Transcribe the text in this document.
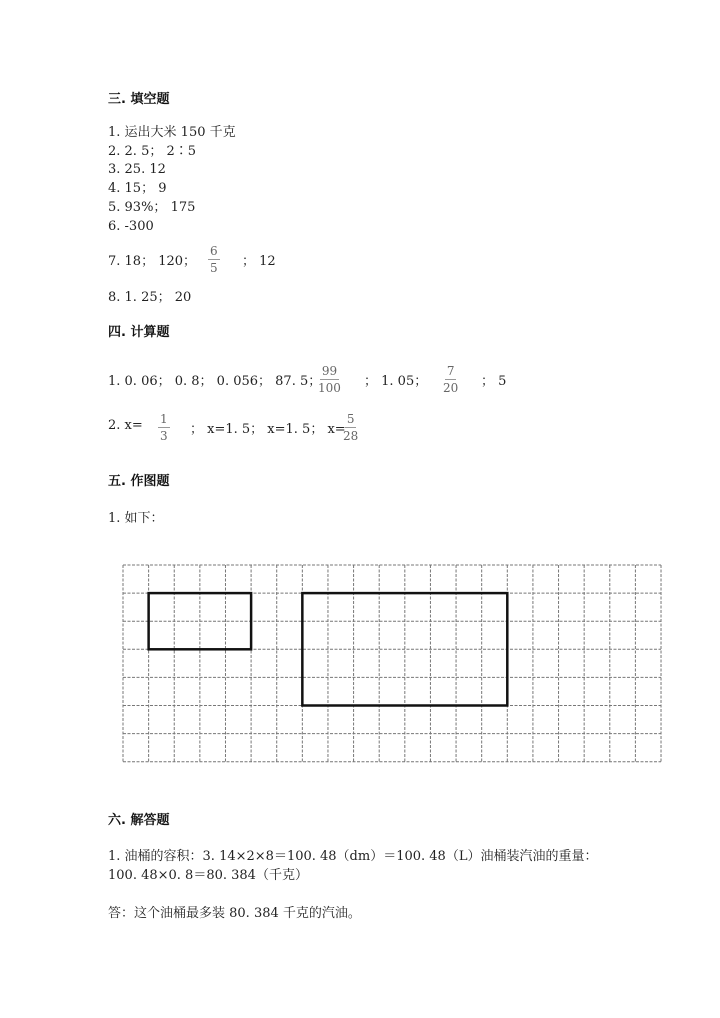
三. 填空题
1. 运出大米 150 千克
2. 2. 5； 2∶5
3. 25. 12
4. 15； 9
5. 93%； 175
6. -300
7. 18； 120； $\frac{6}{5}$ ； 12
8. 1. 25； 20
四. 计算题
1. 0. 06； 0. 8； 0. 056； 87. 5；
$\frac{99}{100}$ ； 1. 05； $\frac{7}{20}$ ； 5
2. $x= \frac{1}{3}$ ； x=1. 5； x=1. 5； x=
$\frac{5}{28}$
五. 作图题
1. 如下：
六. 解答题
1. 油桶的容积：3. 14×2×8＝100. 48（dm）＝100. 48（L）油桶装汽油的重量：
100. 48×0. 8＝80. 384（千克）
答：这个油桶最多装 80. 384 千克的汽油。
